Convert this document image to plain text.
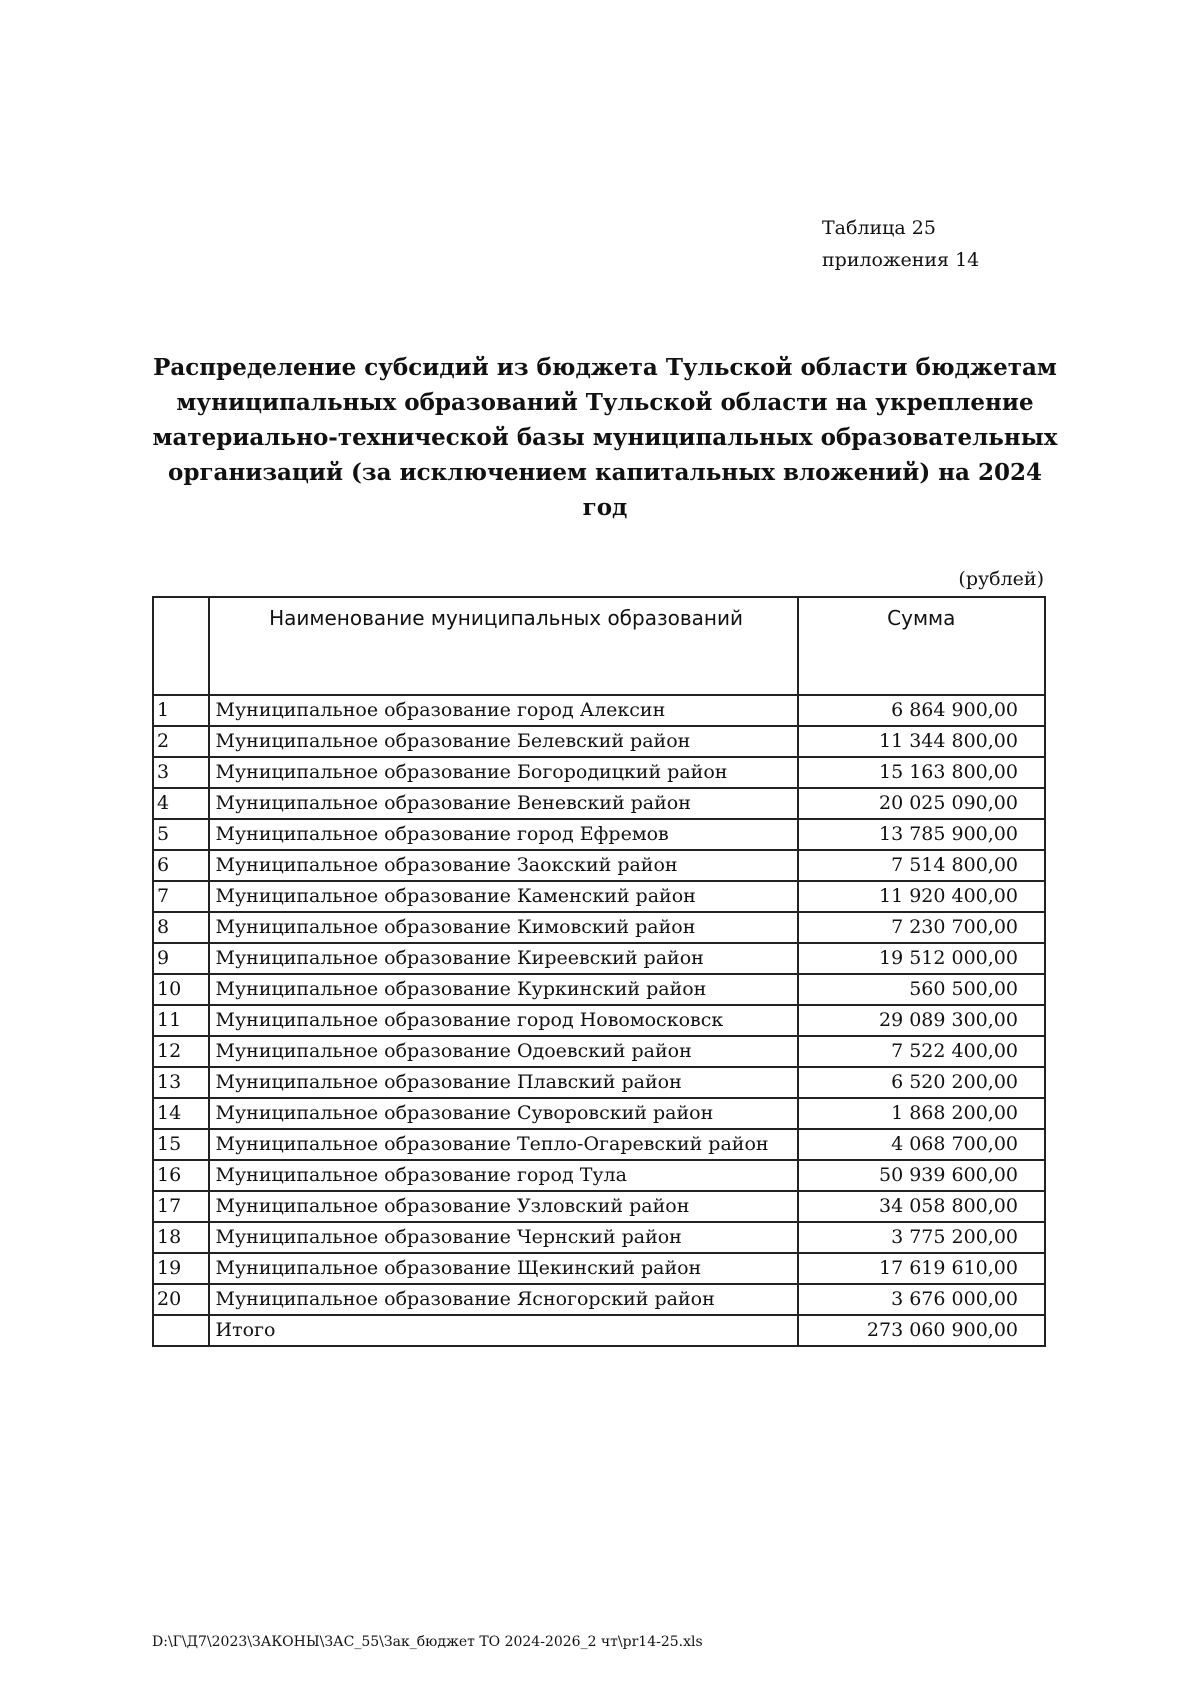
Таблица 25
приложения 14
Распределение субсидий из бюджета Тульской области бюджетам муниципальных образований Тульской области на укрепление материально-технической базы муниципальных образовательных организаций (за исключением капитальных вложений) на 2024 год
(рублей)
	Наименование муниципальных образований	Сумма
1	Муниципальное образование город Алексин	6 864 900,00
2	Муниципальное образование Белевский район	11 344 800,00
3	Муниципальное образование Богородицкий район	15 163 800,00
4	Муниципальное образование Веневский район	20 025 090,00
5	Муниципальное образование город Ефремов	13 785 900,00
6	Муниципальное образование Заокский район	7 514 800,00
7	Муниципальное образование Каменский район	11 920 400,00
8	Муниципальное образование Кимовский район	7 230 700,00
9	Муниципальное образование Киреевский район	19 512 000,00
10	Муниципальное образование Куркинский район	560 500,00
11	Муниципальное образование город Новомосковск	29 089 300,00
12	Муниципальное образование Одоевский район	7 522 400,00
13	Муниципальное образование Плавский район	6 520 200,00
14	Муниципальное образование Суворовский район	1 868 200,00
15	Муниципальное образование Тепло-Огаревский район	4 068 700,00
16	Муниципальное образование город Тула	50 939 600,00
17	Муниципальное образование Узловский район	34 058 800,00
18	Муниципальное образование Чернский район	3 775 200,00
19	Муниципальное образование Щекинский район	17 619 610,00
20	Муниципальное образование Ясногорский район	3 676 000,00
	Итого	273 060 900,00
D:\Г\Д7\2023\ЗАКОНЫ\ЗАС_55\Зак_бюджет ТО 2024-2026_2 чт\pr14-25.xls
